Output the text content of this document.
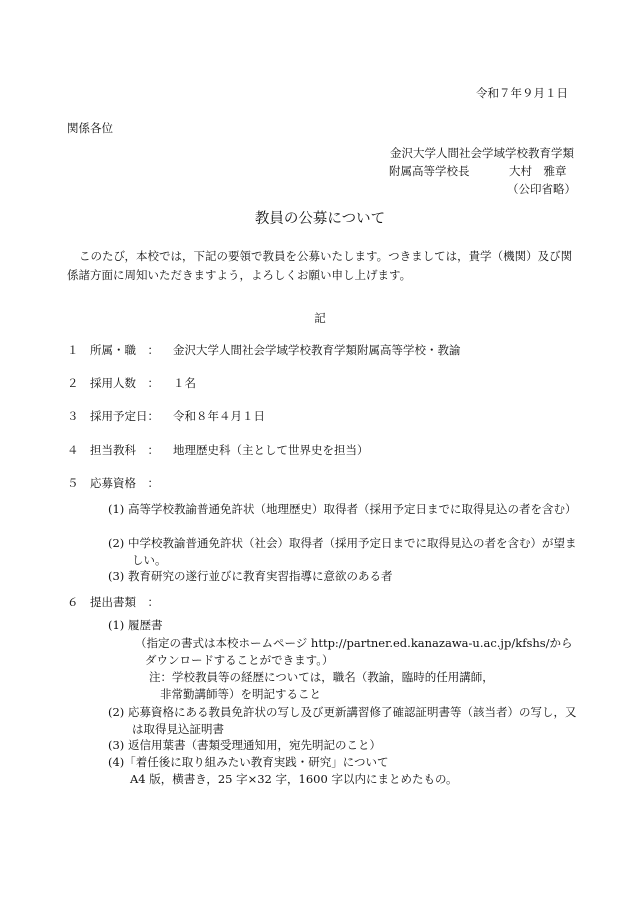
令和７年９月１日
関係各位
金沢大学人間社会学域学校教育学類
附属高等学校長	大村　雅章
（公印省略）
教員の公募について
このたび，本校では，下記の要領で教員を公募いたします。つきましては，貴学（機関）及び関係諸方面に周知いただきますよう，よろしくお願い申し上げます。
記
１ 所属・職　： 金沢大学人間社会学域学校教育学類附属高等学校・教諭
２ 採用人数　： １名
３ 採用予定日： 令和８年４月１日
４ 担当教科　： 地理歴史科（主として世界史を担当）
５ 応募資格　：
(1) 高等学校教諭普通免許状（地理歴史）取得者（採用予定日までに取得見込の者を含む）
(2) 中学校教諭普通免許状（社会）取得者（採用予定日までに取得見込の者を含む）が望ましい。
(3) 教育研究の遂行並びに教育実習指導に意欲のある者
６ 提出書類　：
(1) 履歴書
（指定の書式は本校ホームページ http://partner.ed.kanazawa-u.ac.jp/kfshs/から
ダウンロードすることができます。）
注：学校教員等の経歴については，職名（教諭，臨時的任用講師，
非常勤講師等）を明記すること
(2) 応募資格にある教員免許状の写し及び更新講習修了確認証明書等（該当者）の写し，又は取得見込証明書
(3) 返信用葉書（書類受理通知用，宛先明記のこと）
(4)「着任後に取り組みたい教育実践・研究」について
A4 版，横書き，25 字×32 字，1600 字以内にまとめたもの。
